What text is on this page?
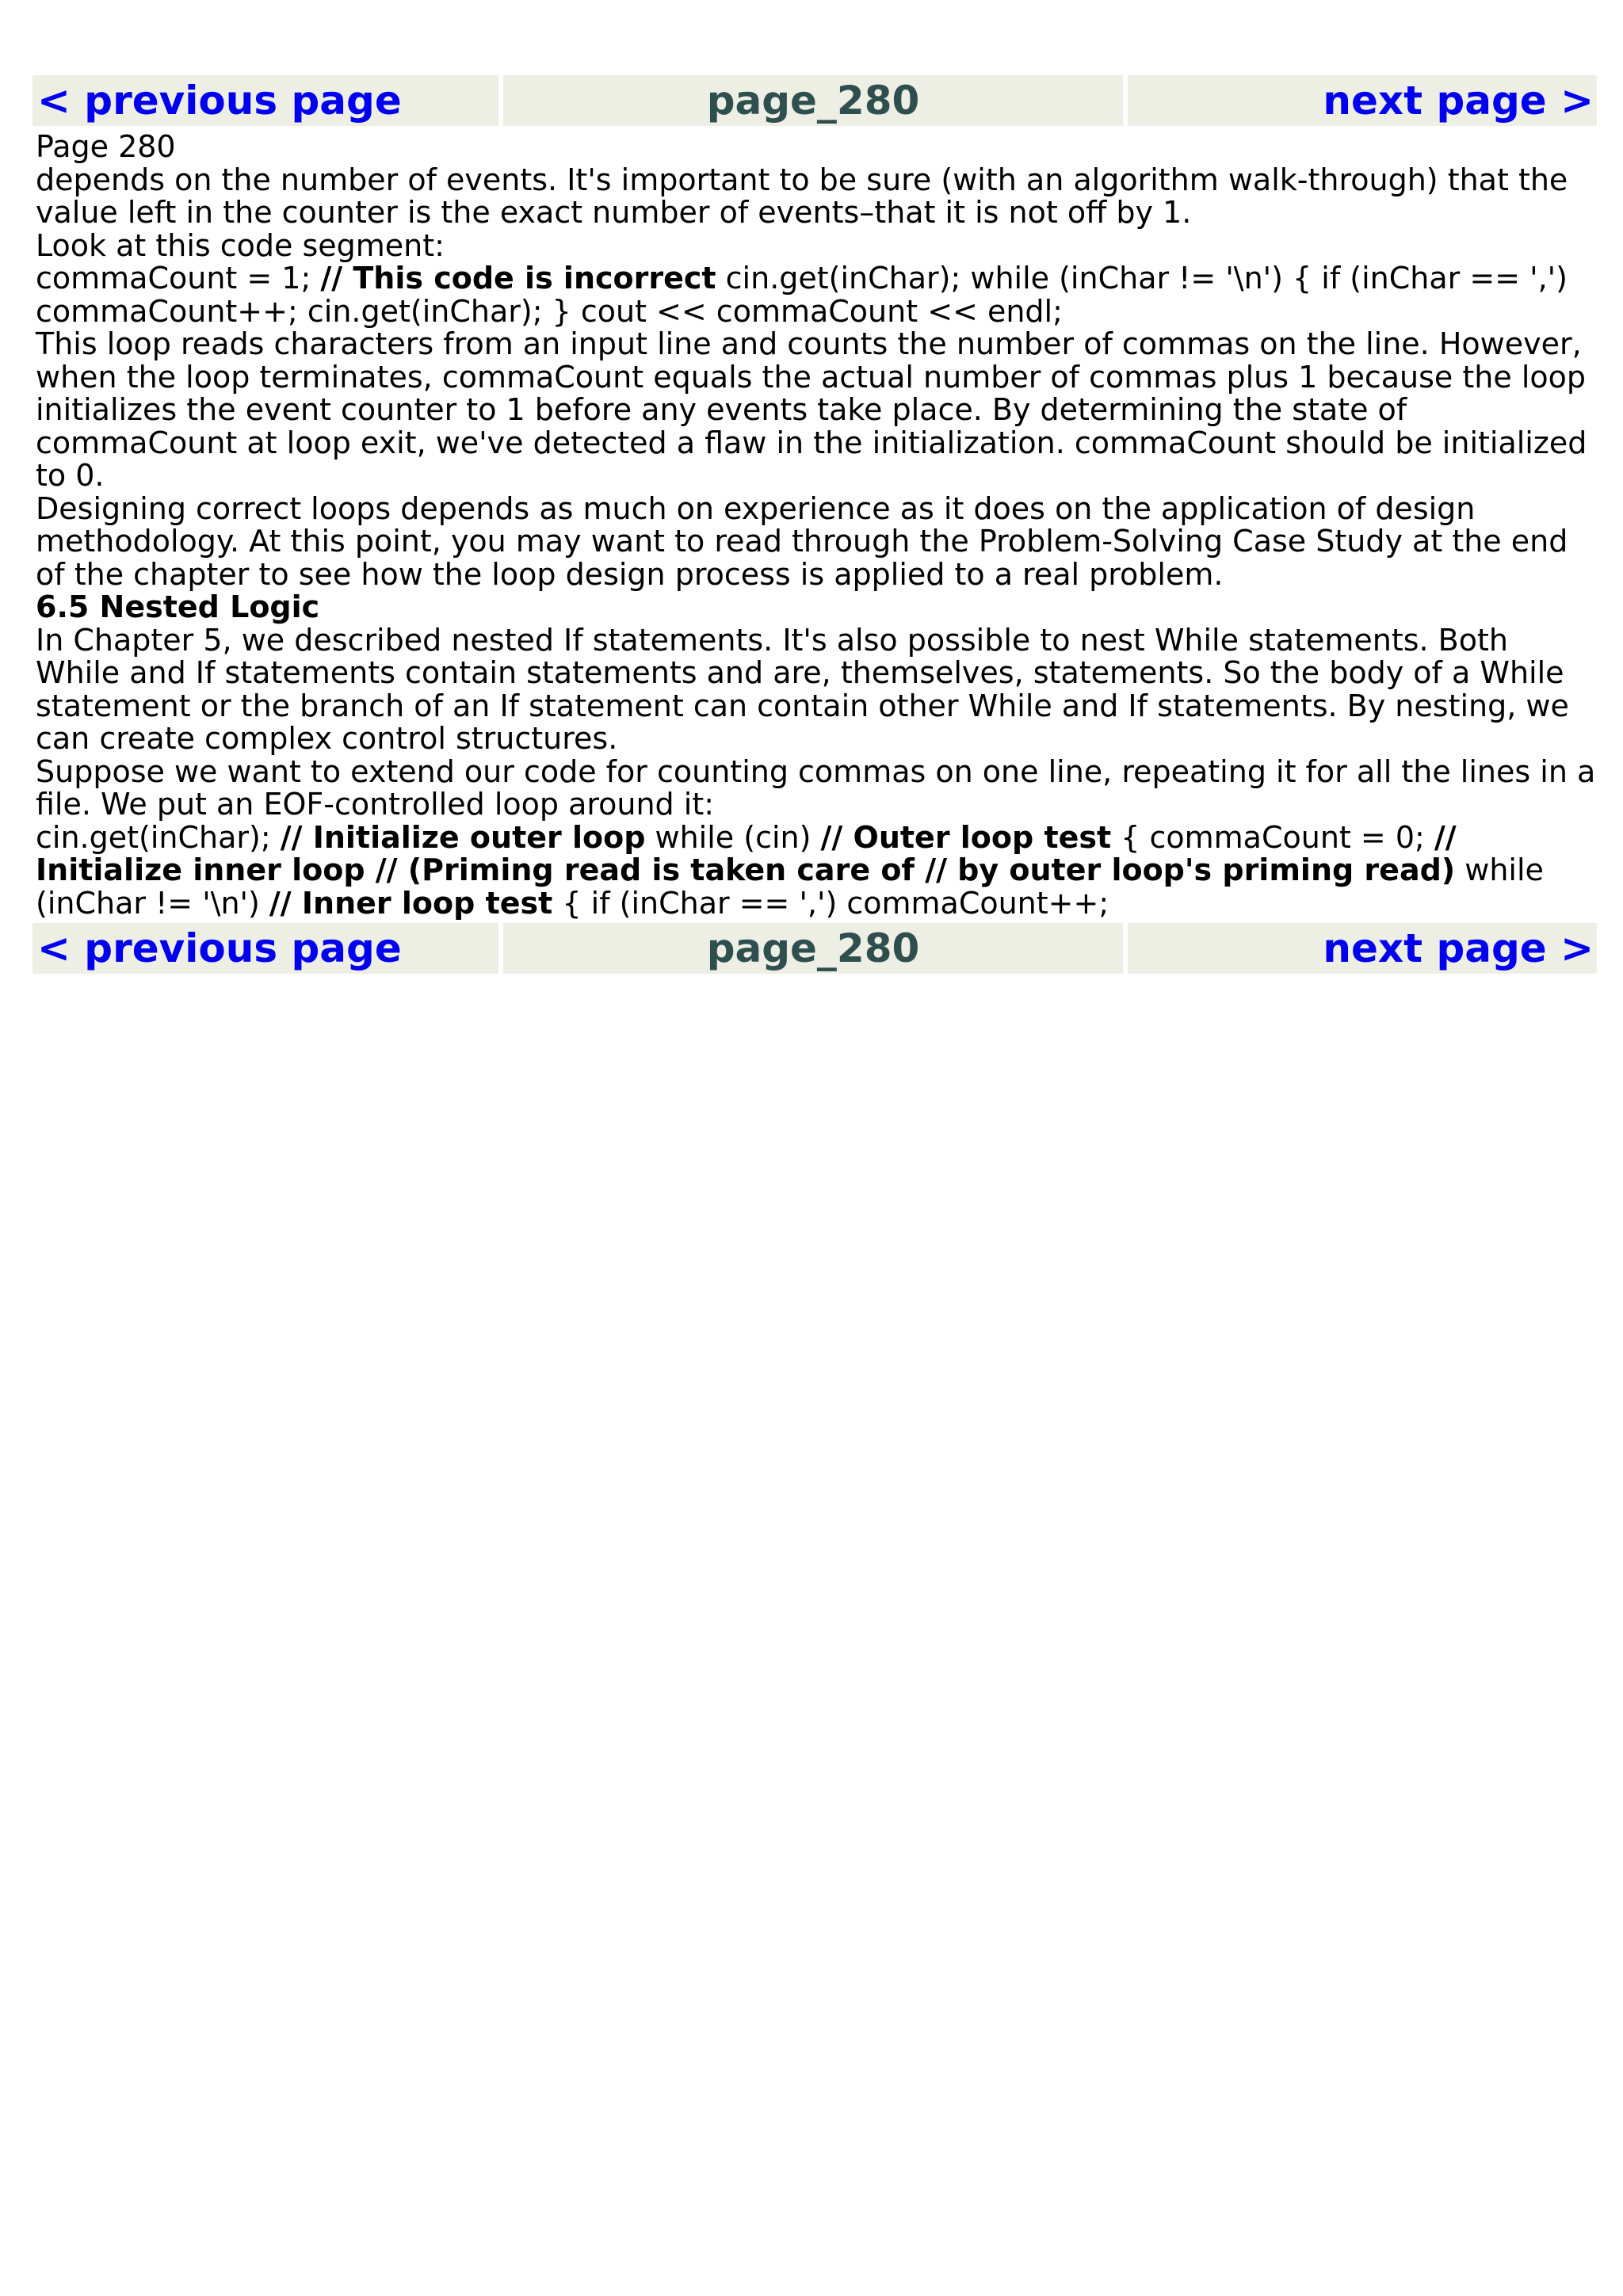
< previous page	page_280	next page >

Page 280

depends on the number of events. It's important to be sure (with an algorithm walk-through) that the value left in the counter is the exact number of events–that it is not off by 1.

Look at this code segment:

commaCount = 1; // This code is incorrect cin.get(inChar); while (inChar != '\n') { if (inChar == ',') commaCount++; cin.get(inChar); } cout << commaCount << endl;

This loop reads characters from an input line and counts the number of commas on the line. However, when the loop terminates, commaCount equals the actual number of commas plus 1 because the loop initializes the event counter to 1 before any events take place. By determining the state of commaCount at loop exit, we've detected a flaw in the initialization. commaCount should be initialized to 0.

Designing correct loops depends as much on experience as it does on the application of design methodology. At this point, you may want to read through the Problem-Solving Case Study at the end of the chapter to see how the loop design process is applied to a real problem.

6.5 Nested Logic

In Chapter 5, we described nested If statements. It's also possible to nest While statements. Both While and If statements contain statements and are, themselves, statements. So the body of a While statement or the branch of an If statement can contain other While and If statements. By nesting, we can create complex control structures.

Suppose we want to extend our code for counting commas on one line, repeating it for all the lines in a file. We put an EOF-controlled loop around it:

cin.get(inChar); // Initialize outer loop while (cin) // Outer loop test { commaCount = 0; // Initialize inner loop // (Priming read is taken care of // by outer loop's priming read) while (inChar != '\n') // Inner loop test { if (inChar == ',') commaCount++;

< previous page	page_280	next page >
